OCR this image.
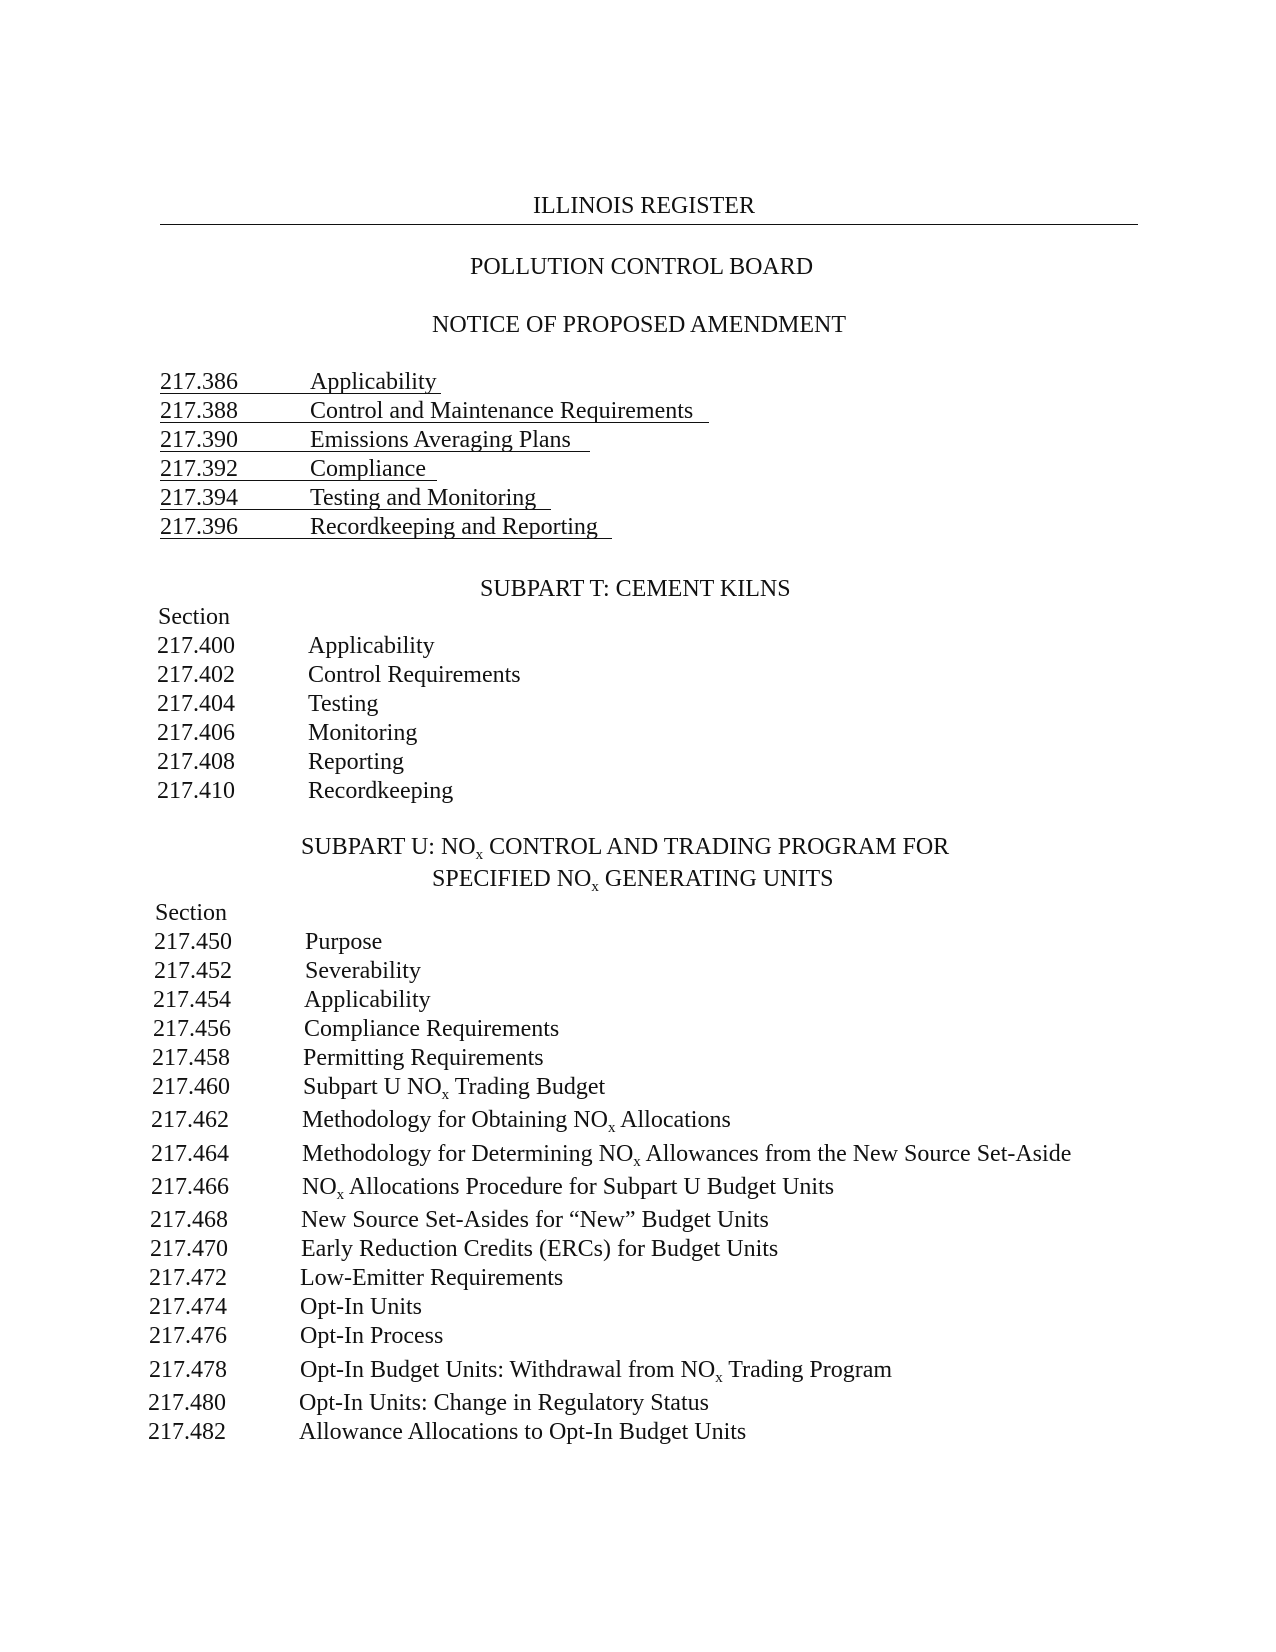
ILLINOIS REGISTER
POLLUTION CONTROL BOARD
NOTICE OF PROPOSED AMENDMENT
217.386	Applicability
217.388	Control and Maintenance Requirements
217.390	Emissions Averaging Plans
217.392	Compliance
217.394	Testing and Monitoring
217.396	Recordkeeping and Reporting
SUBPART T: CEMENT KILNS
Section
217.400	Applicability
217.402	Control Requirements
217.404	Testing
217.406	Monitoring
217.408	Reporting
217.410	Recordkeeping
SUBPART U: $NO_x$ CONTROL AND TRADING PROGRAM FOR
SPECIFIED $NO_x$ GENERATING UNITS
Section
217.450	Purpose
217.452	Severability
217.454	Applicability
217.456	Compliance Requirements
217.458	Permitting Requirements
217.460	Subpart U $NO_x$ Trading Budget
217.462	Methodology for Obtaining $NO_x$ Allocations
217.464	Methodology for Determining $NO_x$ Allowances from the New Source Set-Aside
217.466	$NO_x$ Allocations Procedure for Subpart U Budget Units
217.468	New Source Set-Asides for “New” Budget Units
217.470	Early Reduction Credits (ERCs) for Budget Units
217.472	Low-Emitter Requirements
217.474	Opt-In Units
217.476	Opt-In Process
217.478	Opt-In Budget Units: Withdrawal from $NO_x$ Trading Program
217.480	Opt-In Units: Change in Regulatory Status
217.482	Allowance Allocations to Opt-In Budget Units
